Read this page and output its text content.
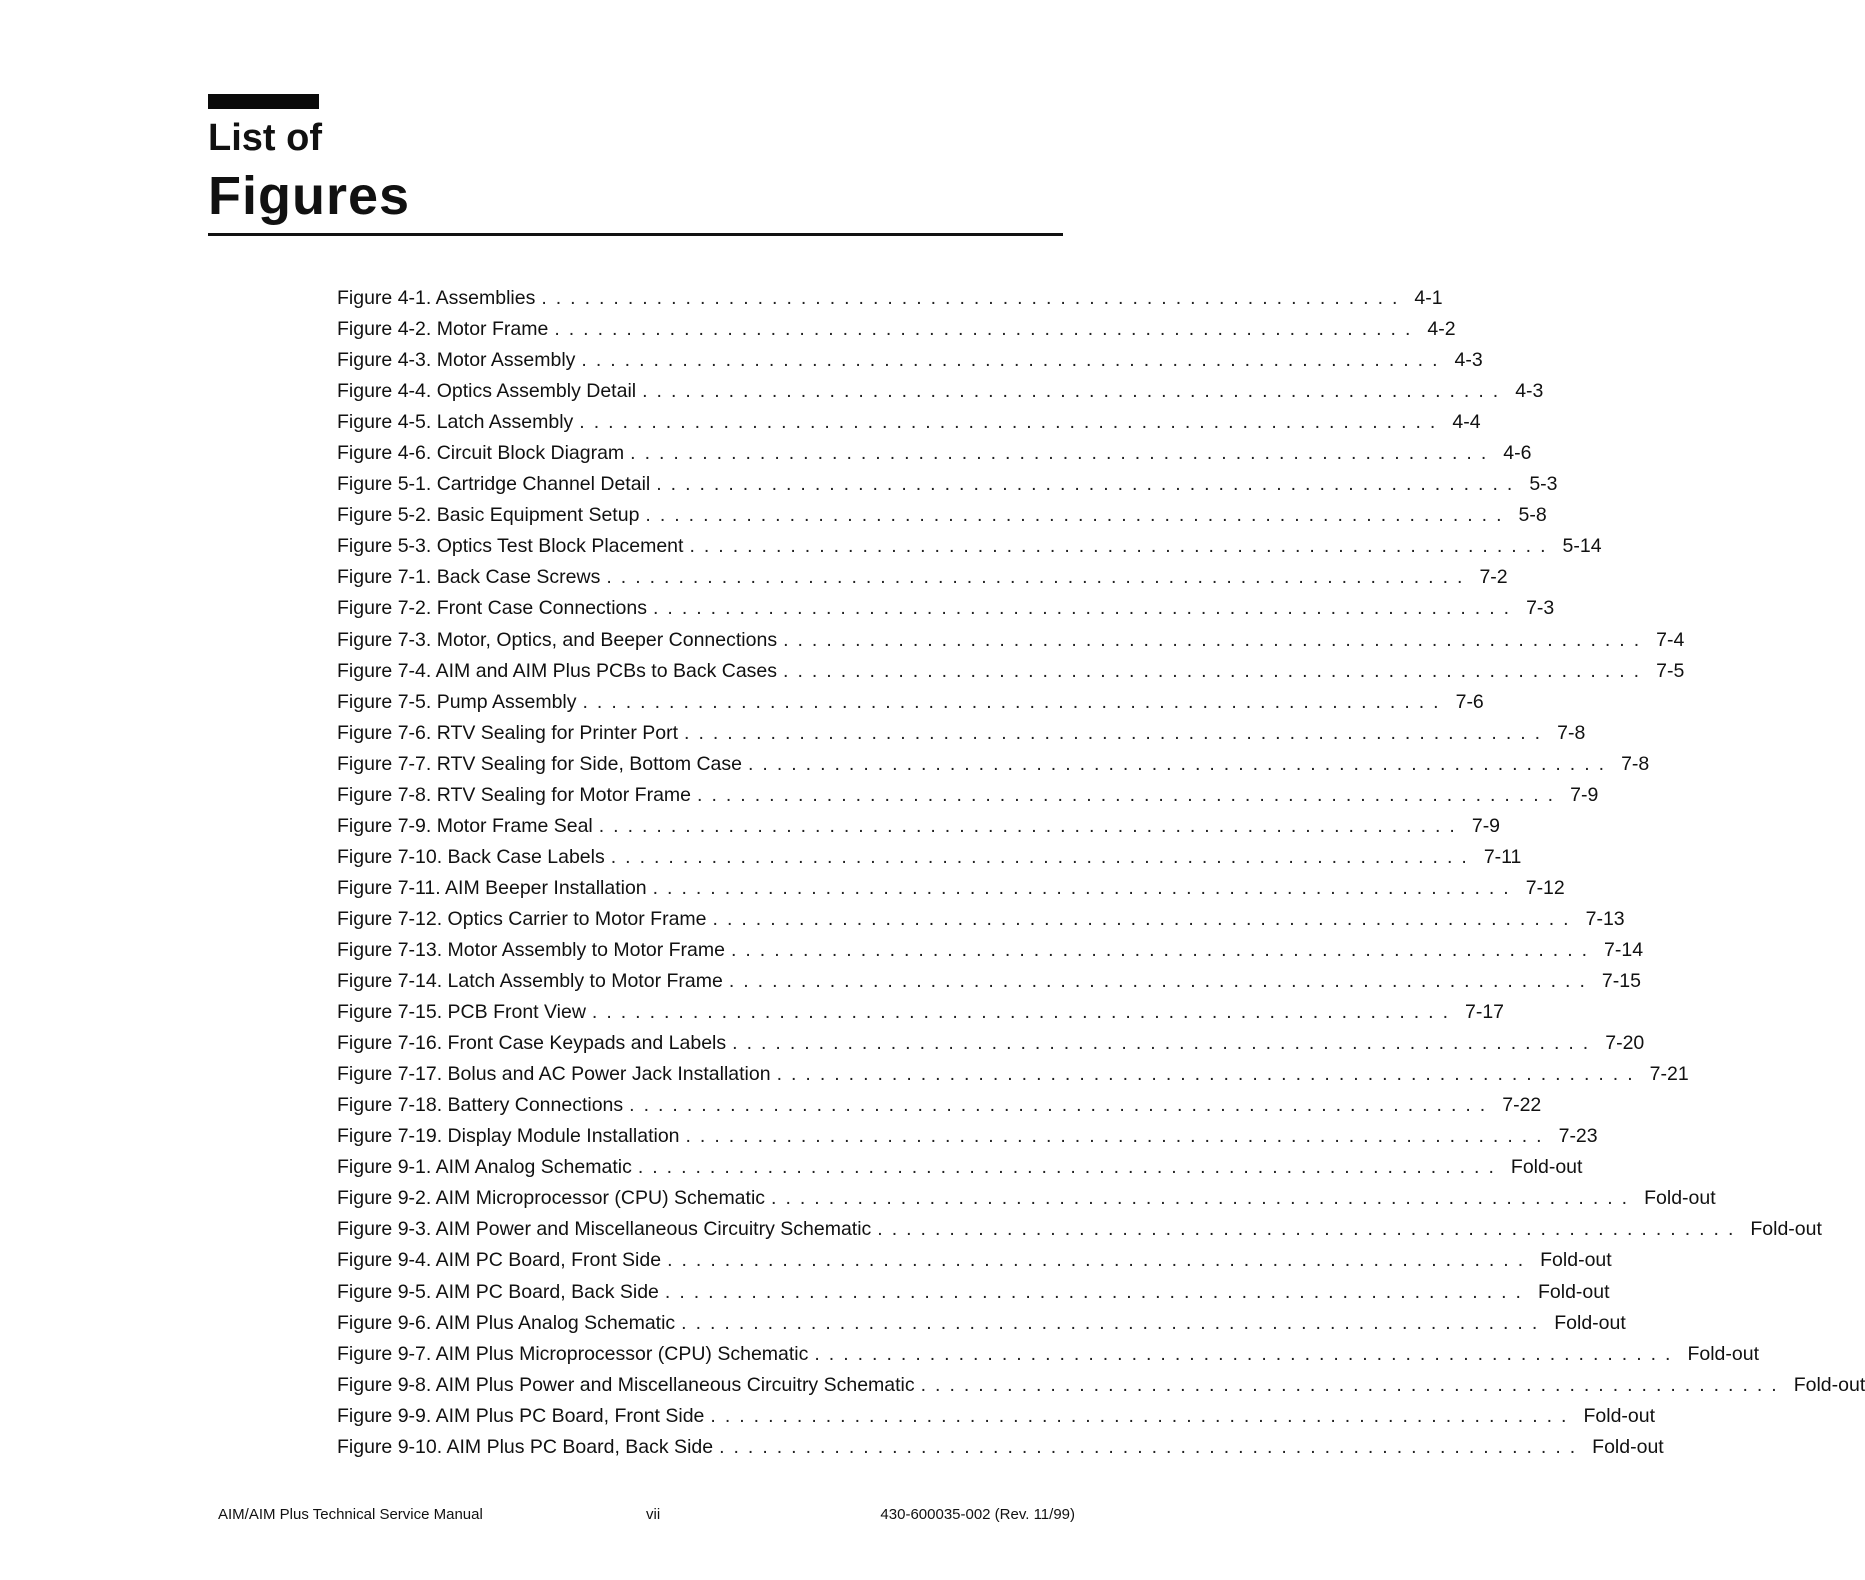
List of
Figures
Figure 4-1. Assemblies ............................................................ 4-1
Figure 4-2. Motor Frame ............................................................ 4-2
Figure 4-3. Motor Assembly ............................................................ 4-3
Figure 4-4. Optics Assembly Detail ............................................................ 4-3
Figure 4-5. Latch Assembly ............................................................ 4-4
Figure 4-6. Circuit Block Diagram ............................................................ 4-6
Figure 5-1. Cartridge Channel Detail ............................................................ 5-3
Figure 5-2. Basic Equipment Setup ............................................................ 5-8
Figure 5-3. Optics Test Block Placement ............................................................ 5-14
Figure 7-1. Back Case Screws ............................................................ 7-2
Figure 7-2. Front Case Connections ............................................................ 7-3
Figure 7-3. Motor, Optics, and Beeper Connections ............................................................ 7-4
Figure 7-4. AIM and AIM Plus PCBs to Back Cases ............................................................ 7-5
Figure 7-5. Pump Assembly ............................................................ 7-6
Figure 7-6. RTV Sealing for Printer Port ............................................................ 7-8
Figure 7-7. RTV Sealing for Side, Bottom Case ............................................................ 7-8
Figure 7-8. RTV Sealing for Motor Frame ............................................................ 7-9
Figure 7-9. Motor Frame Seal ............................................................ 7-9
Figure 7-10. Back Case Labels ............................................................ 7-11
Figure 7-11. AIM Beeper Installation ............................................................ 7-12
Figure 7-12. Optics Carrier to Motor Frame ............................................................ 7-13
Figure 7-13. Motor Assembly to Motor Frame ............................................................ 7-14
Figure 7-14. Latch Assembly to Motor Frame ............................................................ 7-15
Figure 7-15. PCB Front View ............................................................ 7-17
Figure 7-16. Front Case Keypads and Labels ............................................................ 7-20
Figure 7-17. Bolus and AC Power Jack Installation ............................................................ 7-21
Figure 7-18. Battery Connections ............................................................ 7-22
Figure 7-19. Display Module Installation ............................................................ 7-23
Figure 9-1. AIM Analog Schematic ............................................................ Fold-out
Figure 9-2. AIM Microprocessor (CPU) Schematic ............................................................ Fold-out
Figure 9-3. AIM Power and Miscellaneous Circuitry Schematic ............................................................ Fold-out
Figure 9-4. AIM PC Board, Front Side ............................................................ Fold-out
Figure 9-5. AIM PC Board, Back Side ............................................................ Fold-out
Figure 9-6. AIM Plus Analog Schematic ............................................................ Fold-out
Figure 9-7. AIM Plus Microprocessor (CPU) Schematic ............................................................ Fold-out
Figure 9-8. AIM Plus Power and Miscellaneous Circuitry Schematic ............................................................ Fold-out
Figure 9-9. AIM Plus PC Board, Front Side ............................................................ Fold-out
Figure 9-10. AIM Plus PC Board, Back Side ............................................................ Fold-out
AIM/AIM Plus Technical Service Manual	vii	430-600035-002 (Rev. 11/99)
